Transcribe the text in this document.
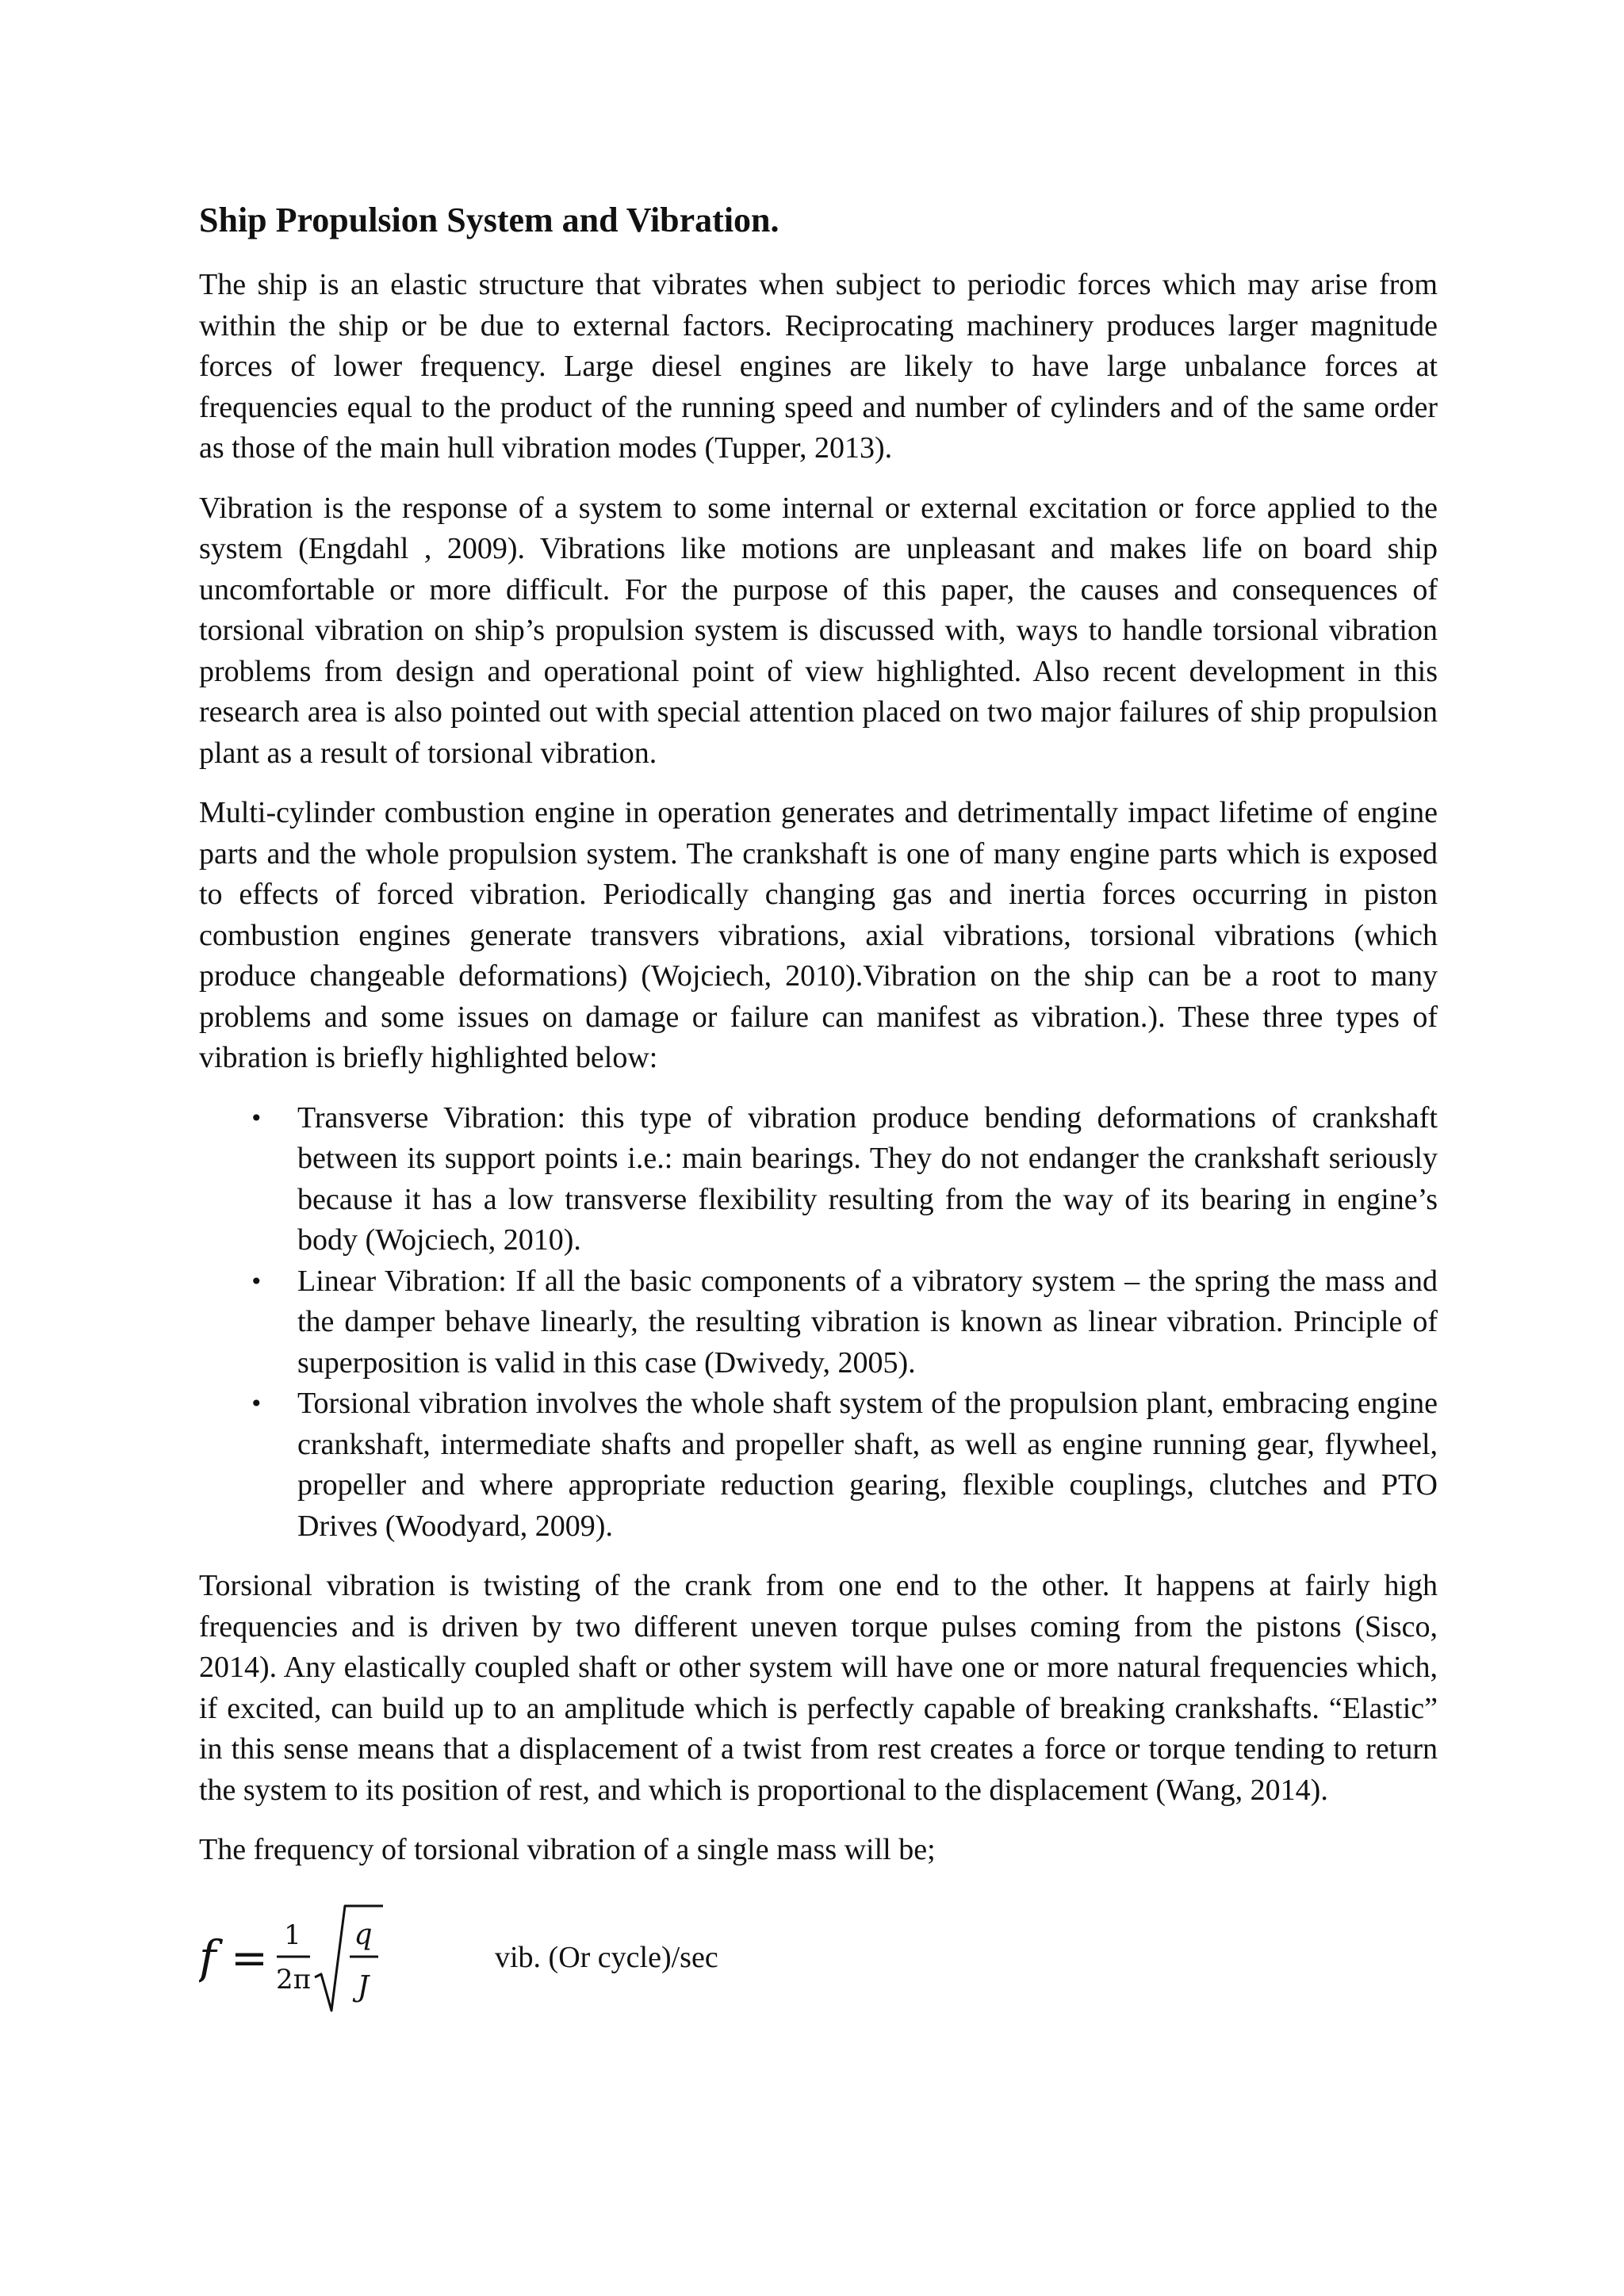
Ship Propulsion System and Vibration.

The ship is an elastic structure that vibrates when subject to periodic forces which may arise from within the ship or be due to external factors. Reciprocating machinery produces larger magnitude forces of lower frequency. Large diesel engines are likely to have large unbalance forces at frequencies equal to the product of the running speed and number of cylinders and of the same order as those of the main hull vibration modes (Tupper, 2013).

Vibration is the response of a system to some internal or external excitation or force applied to the system (Engdahl , 2009). Vibrations like motions are unpleasant and makes life on board ship uncomfortable or more difficult. For the purpose of this paper, the causes and consequences of torsional vibration on ship’s propulsion system is discussed with, ways to handle torsional vibration problems from design and operational point of view highlighted. Also recent development in this research area is also pointed out with special attention placed on two major failures of ship propulsion plant as a result of torsional vibration.

Multi-cylinder combustion engine in operation generates and detrimentally impact lifetime of engine parts and the whole propulsion system. The crankshaft is one of many engine parts which is exposed to effects of forced vibration. Periodically changing gas and inertia forces occurring in piston combustion engines generate transvers vibrations, axial vibrations, torsional vibrations (which produce changeable deformations) (Wojciech, 2010).Vibration on the ship can be a root to many problems and some issues on damage or failure can manifest as vibration.). These three types of vibration is briefly highlighted below:

• Transverse Vibration: this type of vibration produce bending deformations of crankshaft between its support points i.e.: main bearings. They do not endanger the crankshaft seriously because it has a low transverse flexibility resulting from the way of its bearing in engine’s body (Wojciech, 2010).
• Linear Vibration: If all the basic components of a vibratory system – the spring the mass and the damper behave linearly, the resulting vibration is known as linear vibration. Principle of superposition is valid in this case (Dwivedy, 2005).
• Torsional vibration involves the whole shaft system of the propulsion plant, embracing engine crankshaft, intermediate shafts and propeller shaft, as well as engine running gear, flywheel, propeller and where appropriate reduction gearing, flexible couplings, clutches and PTO Drives (Woodyard, 2009).

Torsional vibration is twisting of the crank from one end to the other. It happens at fairly high frequencies and is driven by two different uneven torque pulses coming from the pistons (Sisco, 2014). Any elastically coupled shaft or other system will have one or more natural frequencies which, if excited, can build up to an amplitude which is perfectly capable of breaking crankshafts. “Elastic” in this sense means that a displacement of a twist from rest creates a force or torque tending to return the system to its position of rest, and which is proportional to the displacement (Wang, 2014).

The frequency of torsional vibration of a single mass will be;

f = 1
2π
q
J
vib. (Or cycle)/sec
